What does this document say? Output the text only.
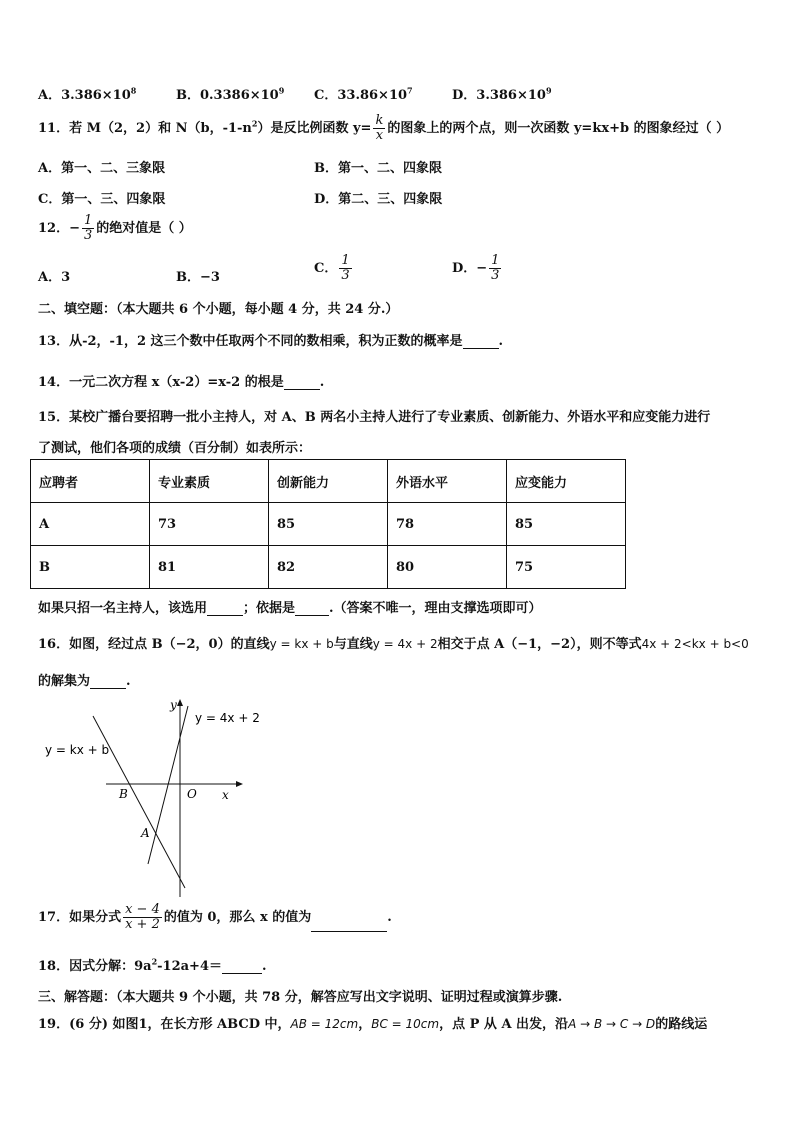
A．$3.386\times 10^8$	B．$0.3386\times 10^9$ C．$33.86\times 10^7$	D．$3.386\times 10^9$
11．若 M（2，2）和 N（b，$-1-n^2$）是反比例函数 $y= \frac{k}{x}$ 的图象上的两个点，则一次函数 y=kx+b 的图象经过（ ）
A．第一、二、三象限	B．第一、二、四象限
C．第一、三、四象限	D．第二、三、四象限
12．− $\frac{1}{3}$ 的绝对值是（ ）
A．3	B．−3
C． $\frac{1}{3}$	D．− $\frac{1}{3}$
二、填空题：（本大题共 6 个小题，每小题 4 分，共 24 分.）
13．从-2，-1，2 这三个数中任取两个不同的数相乘，积为正数的概率是	.
14．一元二次方程 x（x-2）=x-2 的根是	.
15．某校广播台要招聘一批小主持人，对 A、B 两名小主持人进行了专业素质、创新能力、外语水平和应变能力进行
了测试，他们各项的成绩（百分制）如表所示：
应聘者	专业素质	创新能力	外语水平	应变能力
A	73	85	78	85
B	81	82	80	75
如果只招一名主持人，该选用	；依据是	.（答案不唯一，理由支撑选项即可）
16．如图，经过点 B（−2，0）的直线y = kx + b与直线y = 4x + 2相交于点 A（−1，−2），则不等式4x + 2<kx + b<0
的解集为	.
y
x
O
B
A
y = kx + b
y = 4x + 2
17．如果分式 $\frac{x - 4}{x + 2}$ 的值为 0，那么 x 的值为	.
18．因式分解：$9a^2-12a+4=$	.
三、解答题：（本大题共 9 个小题，共 78 分，解答应写出文字说明、证明过程或演算步骤.
19．(6 分) 如图1，在长方形 ABCD 中，AB = 12cm，BC = 10cm，点 P 从 A 出发，沿A → B → C → D的路线运
